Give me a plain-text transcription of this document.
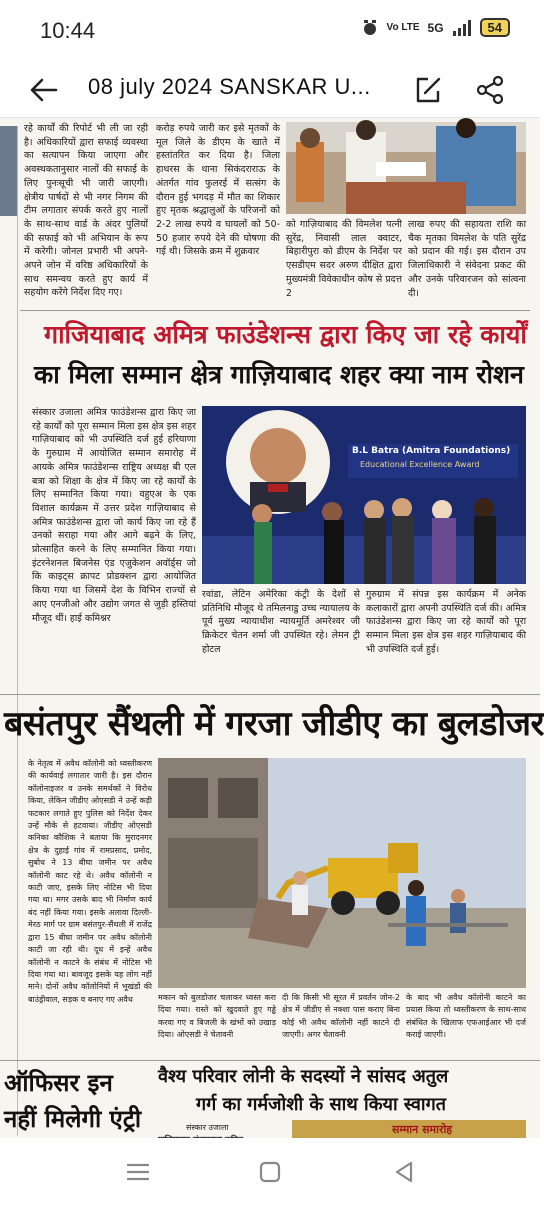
10:44	Vo LTE 5G	54
08 july 2024 SANSKAR U...
रहे कार्यों की रिपोर्ट भी ली जा रही है। अधिकारियों द्वारा सफाई व्यवस्था का सत्यापन किया जाएगा और अवस्थकतानुसार नालों की सफाई के लिए पुनःसूची भी जारी जाएगी। क्षेत्रीय पार्षदों से भी नगर निगम की टीम लगातार संपर्क करते हुए नालों के साथ-साथ वार्ड के अंदर पुलियों की सफाई को भी अभियान के रूप में करेगी। जोनल प्रभारी भी अपने-अपने जोन में वरिष्ठ अधिकारियों के साथ समन्वय करते हुए कार्य में सहयोग करेंगे निर्देश दिए गए।
करोड़ रुपये जारी कर इसे मृतकों के मूल जिले के डीएम के खाते में हस्तांतरित कर दिया है। जिला हाथरस के थाना सिकंदराराऊ के अंतर्गत गांव फुलरई में सत्संग के दौरान हुई भगदड़ में मौत का शिकार हुए मृतक श्रद्धालुओं के परिजनों को 2-2 लाख रुपये व घायलों को 50-50 हजार रुपये देने की घोषणा की गई थी। जिसके क्रम में शुक्रवार
को गाज़ियाबाद की विमलेश पत्नी सुरेंद्र, निवासी लाल क्वाटर, बिहारीपुरा को डीएम के निर्देश पर एसडीएम सदर अरुण दीक्षित द्वारा मुख्यमंत्री विवेकाधीन कोष से प्रदत्त 2
लाख रुपए की सहायता राशि का चैक मृतका विमलेश के पति सुरेंद्र को प्रदान की गई। इस दौरान उप जिलाधिकारी ने संवेदना प्रकट की और उनके परिवारजन को सांत्वना दी।
गाजियाबाद अमित्र फाउंडेशन्स द्वारा किए जा रहे कार्यों
का मिला सम्मान क्षेत्र गाज़ियाबाद शहर क्या नाम रोशन
संस्कार उजाला अमित्र फाउंडेशन्स द्वारा किए जा रहे कार्यों को पूरा सम्मान मिला इस क्षेत्र इस शहर गाज़ियाबाद को भी उपस्थिति दर्ज हुई हरियाणा के गुरुग्राम में आयोजित सम्मान समारोह में आयके अमित्र फाउंडेशन्स राष्ट्रिय अध्यक्ष बी एल बत्रा को शिक्षा के क्षेत्र में किए जा रहे कार्यों के लिए सम्मानित किया गया। वहुएअ के एक विशाल कार्यक्रम में उत्तर प्रदेश गाज़ियाबाद से अमित्र फाउंडेशन्स द्वारा जो कार्य किए जा रहे हैं उनको सराहा गया और आगे बढ़ने के लिए, प्रोत्साहित करने के लिए सम्मानित किया गया। इंटरनेशनल बिजनेस एंड एजुकेशन अवॉर्ड्स जो कि काइट्स क्रापट प्रोडक्शन द्वारा आयोजित किया गया था जिसमें देश के विभिन राज्यों से आए एनजीओ और उद्योग जगत से जुड़ी हस्तियां मौजूद थीं। हाई कमिश्नर
B.L Batra (Amitra Foundations)
Educational Excellence Award
रवांडा, लेटिन अमेरिका कंट्री के देशों से प्रतिनिधि मौजूद थे तमिलनाडु उच्च न्यायालय के पूर्व मुख्य न्यायाधीश न्यायमूर्ति अमरेश्वर जी क्रिकेटर चेतन शर्मा जी उपस्थित रहे। लेमन ट्री होटल
गुरुग्राम में संपन्न इस कार्यक्रम में अनेक कलाकारों द्वारा अपनी उपस्थिति दर्ज की। अमित्र फाउंडेशन्स द्वारा किए जा रहे कार्यों को पूरा सम्मान मिला इस क्षेत्र इस शहर गाज़ियाबाद की भी उपस्थिति दर्ज हुई।
बसंतपुर सैंथली में गरजा जीडीए का बुलडोजर
के नेतृत्व में अवैध कॉलोनी को ध्वस्तीकरण की कार्यवाई लगातार जारी है। इस दौरान कॉलोनाइजर व उनके समर्थकों ने विरोध किया, लेकिन जीडीए ओएसडी ने उन्हें कड़ी फटकार लगाते हुए पुलिस को निर्देश देकर उन्हें मौके से हटवाया। जीडीए ओएसडी कनिका कौशिक ने बताया कि मुरादनगर क्षेत्र के दुहाई गांव में रामप्रसाद, प्रमोद, सुबोध ने 13 बीघा जमीन पर अवैध कॉलोनी काट रहे थे। अवैध कॉलोनी न काटी जाए, इसके लिए नोटिस भी दिया गया था। मगर उसके बाद भी निर्माण कार्य बंद नहीं किया गया। इसके अलावा दिल्ली-मेरठ मार्ग पर ग्राम बसंतपुर-सैंथली में राजेंद्र द्वारा 15 बीघा जमीन पर अवैध कॉलोनी काटी जा रही थी। दूध में इन्हें अवैध कॉलोनी न काटने के संबंध में नोटिस भी दिया गया था। बावजूद इसके यह लोग नहीं माने। दोनों अवैध कॉलोनियों में भूखंडों की बाउंड्रीवाल, सड़क व बनाए गए अवैध	मकान को बुलडोजर चलाकर ध्वस्त करा दिया गया। रास्ते को खुदवाते हुए गड्ढे करवा गए व बिजली के खंभों को उखाड़ दिया। ओएसडी ने चेतावनी
दी कि किसी भी सूरत में प्रवर्तन जोन-2 क्षेत्र में जीडीए से नक्शा पास कराए बिना कोई भी अवैध कॉलोनी नहीं काटने दी जाएगी। अगर चेतावनी
के बाद भी अवैध कॉलोनी काटने का प्रयास किया तो ध्वस्तीकरण के साथ-साथ संबंधित के खिलाफ एफआईआर भी दर्ज कराई जाएगी।
ऑफिसर इन
नहीं मिलेगी एंट्री
वैश्य परिवार लोनी के सदस्यों ने सांसद अतुल
गर्ग का गर्मजोशी के साथ किया स्वागत
संस्कार उजाला	सम्मान समारोह
